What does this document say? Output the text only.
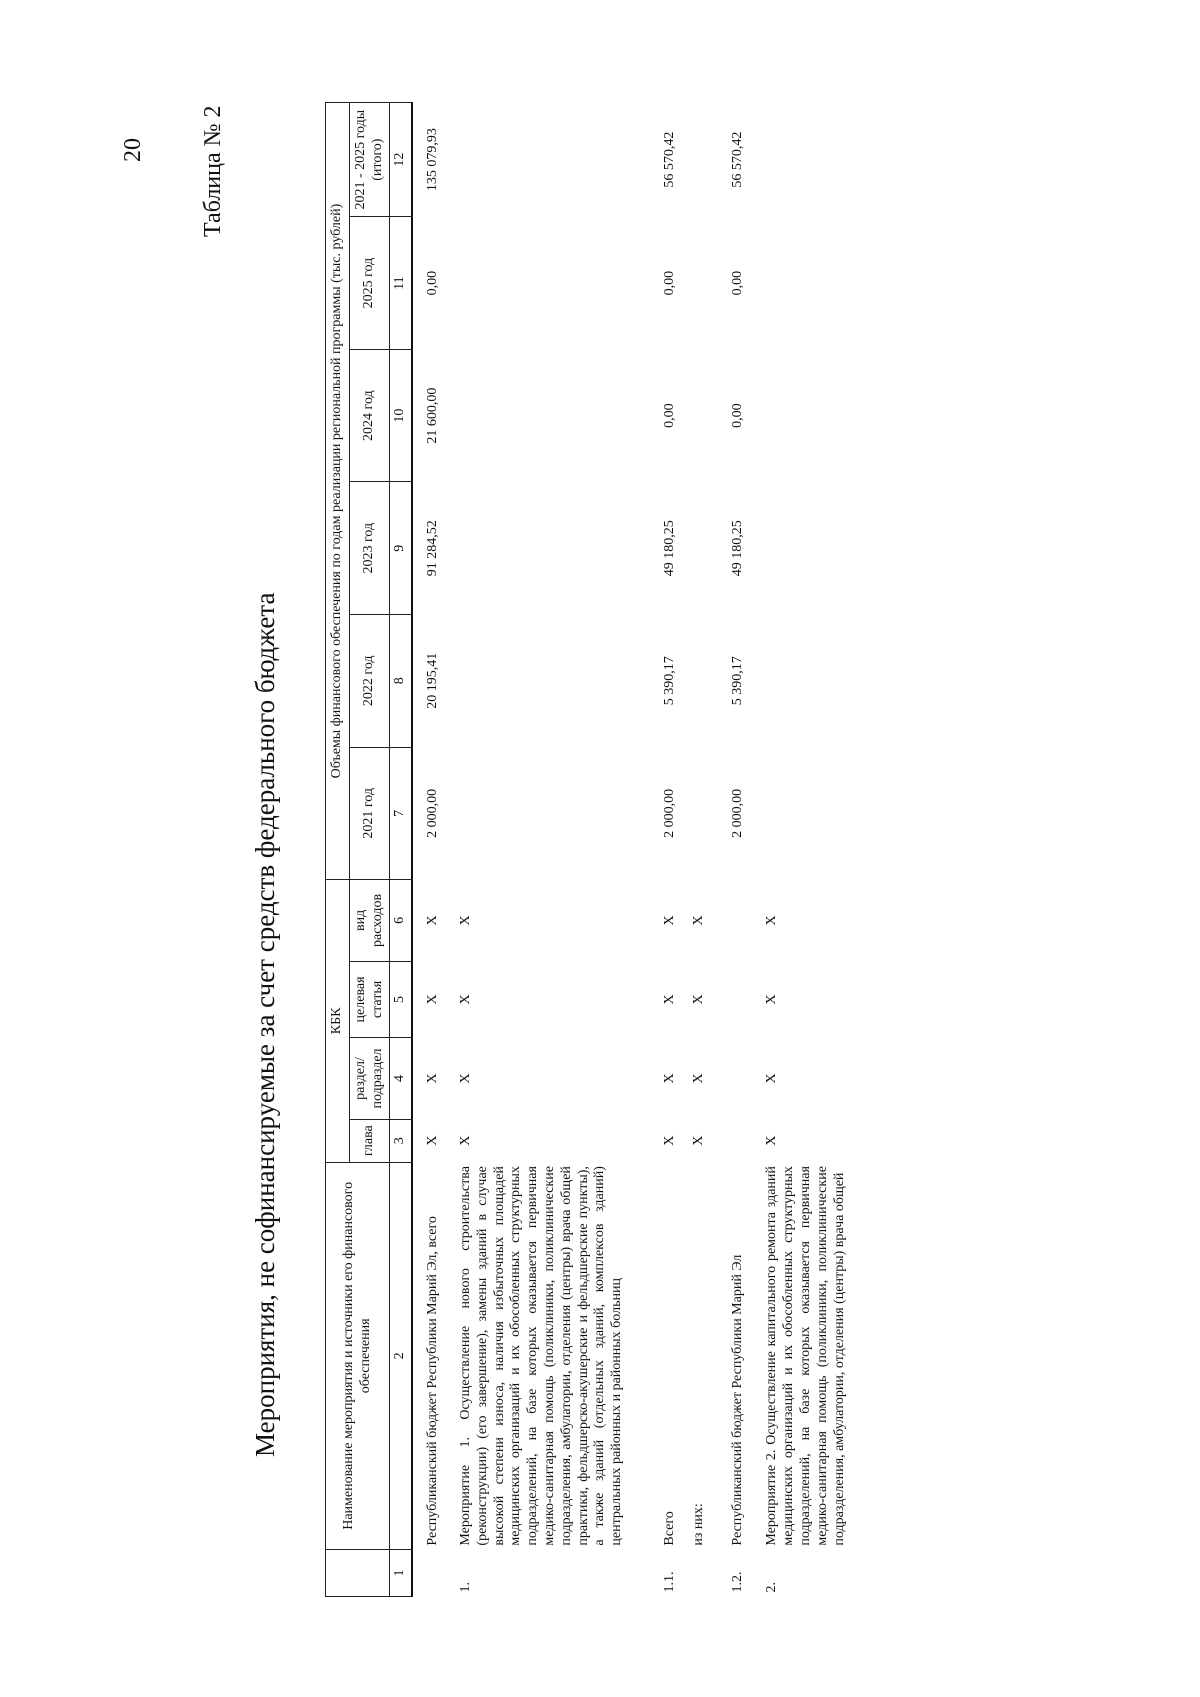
20 Таблица № 2
Мероприятия, не софинансируемые за счет средств федерального бюджета
		Наименование мероприятия и источники его финансового обеспечения	КБК				Объемы финансового обеспечения по годам реализации региональной программы (тыс. рублей)					
		глава	раздел/ подраздел	целевая статья	вид расходов	2021 год	2022 год	2023 год	2024 год	2025 год	2021 - 2025 годы (итого)
1	2	3	4	5	6	7	8	9	10	11	12
	Республиканский бюджет Республики Марий Эл, всего	X	X	X	X	2 000,00	20 195,41	91 284,52	21 600,00	0,00	135 079,93
1.	Мероприятие 1. Осуществление нового строительства (реконструкции) (его завершение), замены зданий в случае высокой степени износа, наличия избыточных площадей медицинских организаций и их обособленных структурных подразделений, на базе которых оказывается первичная медико-санитарная помощь (поликлиники, поликлинические подразделения, амбулатории, отделения (центры) врача общей практики, фельдшерско-акушерские и фельдшерские пункты), а также зданий (отдельных зданий, комплексов зданий) центральных районных и районных больниц	X	X	X	X						
1.1.	Всего	X	X	X	X	2 000,00	5 390,17	49 180,25	0,00	0,00	56 570,42
	из них:	X	X	X	X						
1.2.	Республиканский бюджет Республики Марий Эл					2 000,00	5 390,17	49 180,25	0,00	0,00	56 570,42
2.	Мероприятие 2. Осуществление капитального ремонта зданий медицинских организаций и их обособленных структурных подразделений, на базе которых оказывается первичная медико-санитарная помощь (поликлиники, поликлинические подразделения, амбулатории, отделения (центры) врача общей	X	X	X	X						
